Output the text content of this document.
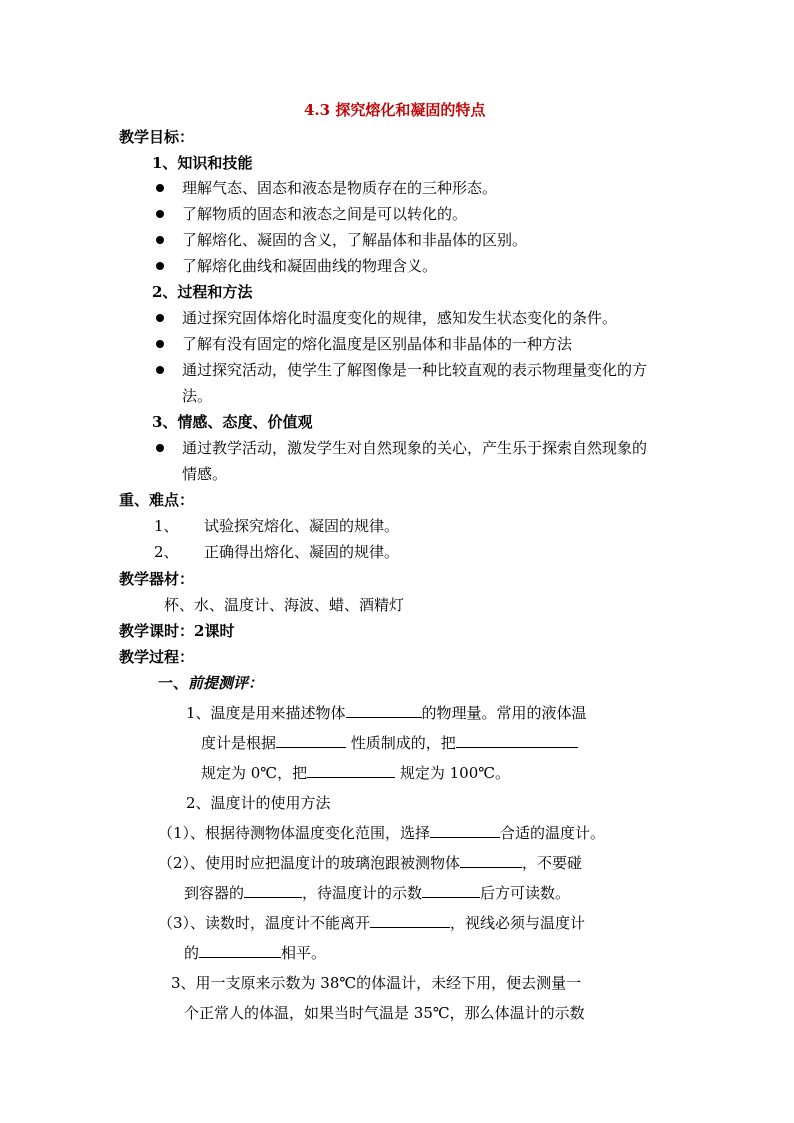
4.3 探究熔化和凝固的特点
教学目标：
1、知识和技能
理解气态、固态和液态是物质存在的三种形态。
了解物质的固态和液态之间是可以转化的。
了解熔化、凝固的含义，了解晶体和非晶体的区别。
了解熔化曲线和凝固曲线的物理含义。
2、过程和方法
通过探究固体熔化时温度变化的规律，感知发生状态变化的条件。
了解有没有固定的熔化温度是区别晶体和非晶体的一种方法
通过探究活动，使学生了解图像是一种比较直观的表示物理量变化的方
法。
3、情感、态度、价值观
通过教学活动，激发学生对自然现象的关心，产生乐于探索自然现象的
情感。
重、难点：
1、 试验探究熔化、凝固的规律。
2、 正确得出熔化、凝固的规律。
教学器材：
杯、水、温度计、海波、蜡、酒精灯
教学课时：2课时
教学过程：
一、前提测评：
1、温度是用来描述物体	的物理量。常用的液体温
度计是根据	性质制成的，把
规定为 0℃，把	规定为 100℃。
2、温度计的使用方法
（1）、根据待测物体温度变化范围，选择	合适的温度计。
（2）、使用时应把温度计的玻璃泡跟被测物体	，不要碰
到容器的	，待温度计的示数	后方可读数。
（3）、读数时，温度计不能离开	，视线必须与温度计
的	相平。
3、用一支原来示数为 38℃的体温计，未经下用，便去测量一
个正常人的体温，如果当时气温是 35℃，那么体温计的示数
